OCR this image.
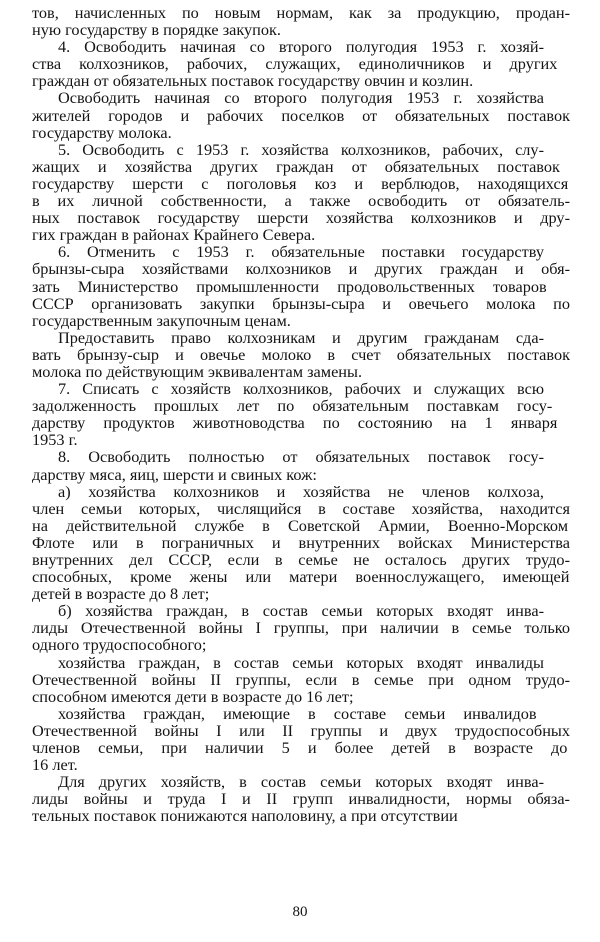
тов, начисленных по новым нормам, как за продукцию, продан-
ную государству в порядке закупок.

4. Освободить начиная со второго полугодия 1953 г. хозяй-
ства колхозников, рабочих, служащих, единоличников и других
граждан от обязательных поставок государству овчин и козлин.

Освободить начиная со второго полугодия 1953 г. хозяйства
жителей городов и рабочих поселков от обязательных поставок
государству молока.

5. Освободить с 1953 г. хозяйства колхозников, рабочих, слу-
жащих и хозяйства других граждан от обязательных поставок
государству шерсти с поголовья коз и верблюдов, находящихся
в их личной собственности, а также освободить от обязатель-
ных поставок государству шерсти хозяйства колхозников и дру-
гих граждан в районах Крайнего Севера.

6. Отменить с 1953 г. обязательные поставки государству
брынзы-сыра хозяйствами колхозников и других граждан и обя-
зать Министерство промышленности продовольственных товаров
СССР организовать закупки брынзы-сыра и овечьего молока по
государственным закупочным ценам.

Предоставить право колхозникам и другим гражданам сда-
вать брынзу-сыр и овечье молоко в счет обязательных поставок
молока по действующим эквивалентам замены.

7. Списать с хозяйств колхозников, рабочих и служащих всю
задолженность прошлых лет по обязательным поставкам госу-
дарству продуктов животноводства по состоянию на 1 января
1953 г.

8. Освободить полностью от обязательных поставок госу-
дарству мяса, яиц, шерсти и свиных кож:

а) хозяйства колхозников и хозяйства не членов колхоза,
член семьи которых, числящийся в составе хозяйства, находится
на действительной службе в Советской Армии, Военно-Морском
Флоте или в пограничных и внутренних войсках Министерства
внутренних дел СССР, если в семье не осталось других трудо-
способных, кроме жены или матери военнослужащего, имеющей
детей в возрасте до 8 лет;

б) хозяйства граждан, в состав семьи которых входят инва-
лиды Отечественной войны I группы, при наличии в семье только
одного трудоспособного;

хозяйства граждан, в состав семьи которых входят инвалиды
Отечественной войны II группы, если в семье при одном трудо-
способном имеются дети в возрасте до 16 лет;

хозяйства граждан, имеющие в составе семьи инвалидов
Отечественной войны I или II группы и двух трудоспособных
членов семьи, при наличии 5 и более детей в возрасте до
16 лет.

Для других хозяйств, в состав семьи которых входят инва-
лиды войны и труда I и II групп инвалидности, нормы обяза-
тельных поставок понижаются наполовину, а при отсутствии

80
